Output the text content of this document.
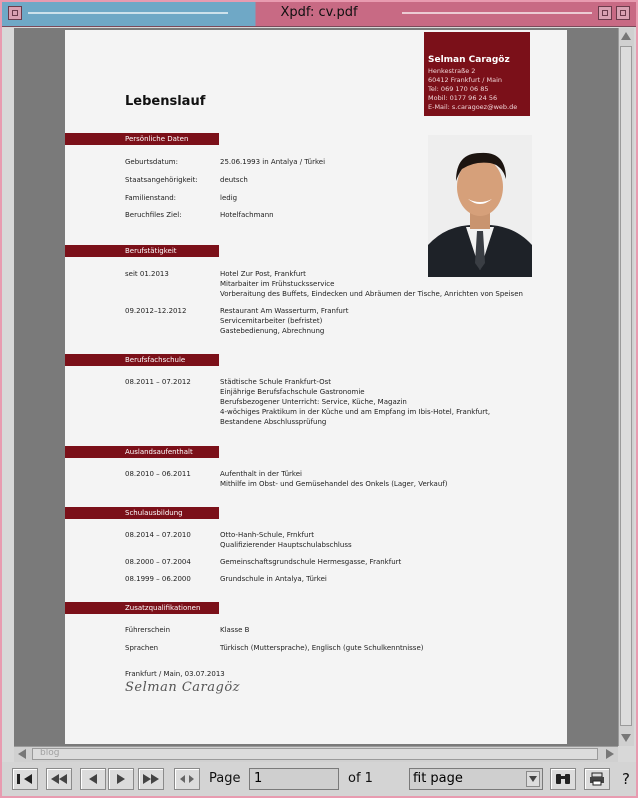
Xpdf: cv.pdf
Selman Caragöz
Henkestraße 2
60412 Frankfurt / Main
Tel: 069 170 06 85
Mobil: 0177 96 24 56
E-Mail: s.caragoez@web.de
Lebenslauf
Persönliche Daten
Geburtsdatum:	25.06.1993 in Antalya / Türkei
Staatsangehörigkeit:	deutsch
Familienstand:	ledig
Beruchfiles Ziel:	Hotelfachmann
Berufstätigkeit
seit 01.2013	Hotel Zur Post, Frankfurt
Mitarbaiter im Frühstucksservice
Vorberaitung des Buffets, Eindecken und Abräumen der Tische, Anrichten von Speisen
09.2012–12.2012	Restaurant Am Wasserturm, Franfurt
Servicemitarbeiter (befristet)
Gastebedienung, Abrechnung
Berufsfachschule
08.2011 – 07.2012	Städtische Schule Frankfurt-Ost
Einjährige Berufsfachschule Gastronomie
Berufsbezogener Unterricht: Service, Küche, Magazin
4-wöchiges Praktikum in der Küche und am Empfang im Ibis-Hotel, Frankfurt,
Bestandene Abschlussprüfung
Auslandsaufenthalt
08.2010 – 06.2011	Aufenthalt in der Türkei
Mithilfe im Obst- und Gemüsehandel des Onkels (Lager, Verkauf)
Schulausbildung
08.2014 – 07.2010	Otto-Hanh-Schule, Frnkfurt
Qualifizierender Hauptschulabschluss
08.2000 – 07.2004	Gemeinschaftsgrundschule Hermesgasse, Frankfurt
08.1999 – 06.2000	Grundschule in Antalya, Türkei
Zusatzqualifikationen
Führerschein	Klasse B
Sprachen	Türkisch (Muttersprache), Englisch (gute Schulkenntnisse)
Frankfurt / Main, 03.07.2013
Selman Caragöz
blog
Page	1	of 1	fit page	?
